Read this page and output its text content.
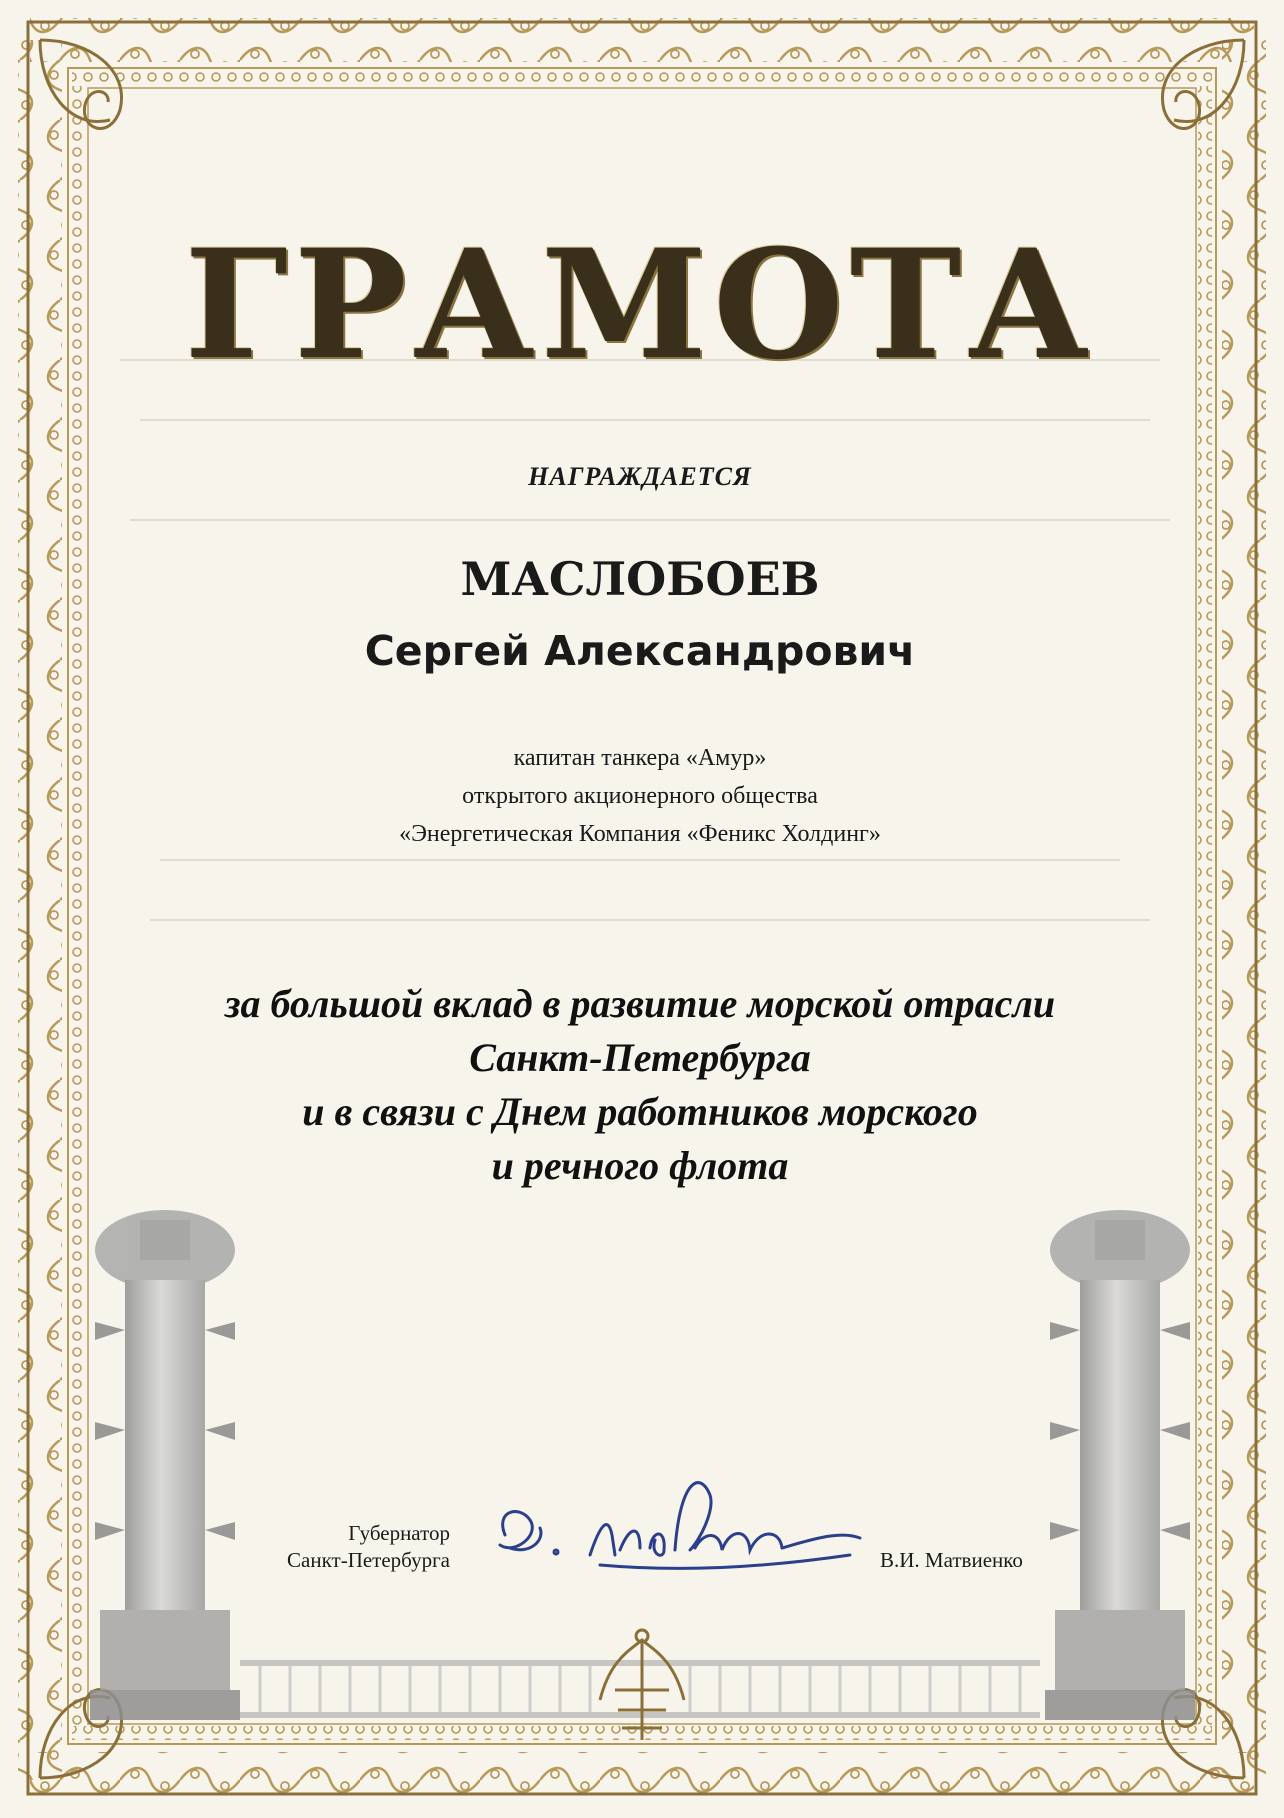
ГРАМОТА
НАГРАЖДАЕТСЯ
МАСЛОБОЕВ
Сергей Александрович
капитан танкера «Амур»
открытого акционерного общества
«Энергетическая Компания «Феникс Холдинг»
за большой вклад в развитие морской отрасли
Санкт-Петербурга
и в связи с Днем работников морского
и речного флота
Губернатор
Санкт-Петербурга	В.И. Матвиенко
